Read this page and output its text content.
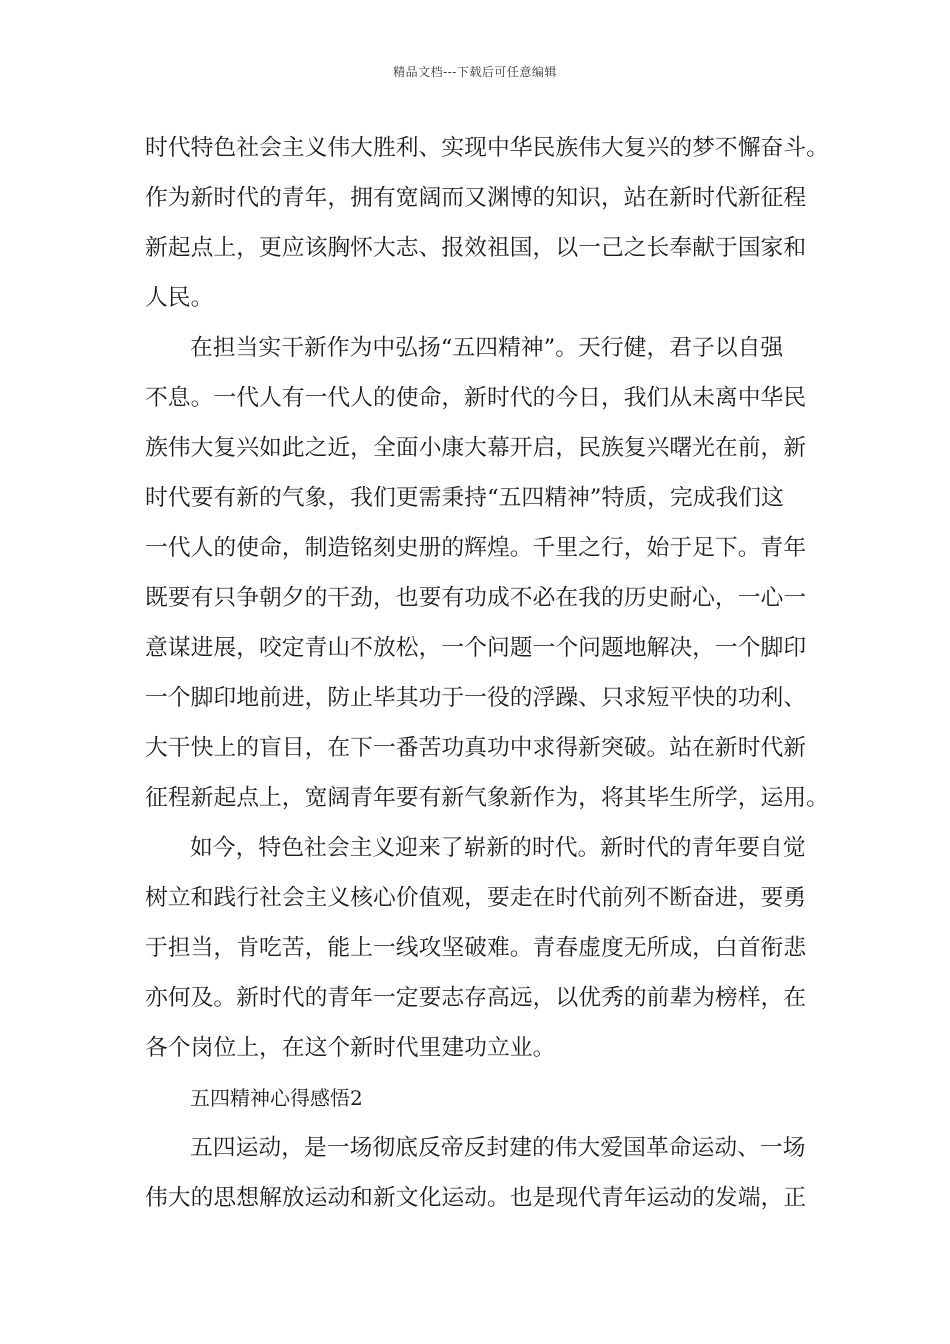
精品文档---下载后可任意编辑
时代特色社会主义伟大胜利、实现中华民族伟大复兴的梦不懈奋斗。
作为新时代的青年，拥有宽阔而又渊博的知识，站在新时代新征程
新起点上，更应该胸怀大志、报效祖国，以一己之长奉献于国家和
人民。
在担当实干新作为中弘扬“五四精神”。天行健，君子以自强
不息。一代人有一代人的使命，新时代的今日，我们从未离中华民
族伟大复兴如此之近，全面小康大幕开启，民族复兴曙光在前，新
时代要有新的气象，我们更需秉持“五四精神”特质，完成我们这
一代人的使命，制造铭刻史册的辉煌。千里之行，始于足下。青年
既要有只争朝夕的干劲，也要有功成不必在我的历史耐心，一心一
意谋进展，咬定青山不放松，一个问题一个问题地解决，一个脚印
一个脚印地前进，防止毕其功于一役的浮躁、只求短平快的功利、
大干快上的盲目，在下一番苦功真功中求得新突破。站在新时代新
征程新起点上，宽阔青年要有新气象新作为，将其毕生所学，运用。
如今，特色社会主义迎来了崭新的时代。新时代的青年要自觉
树立和践行社会主义核心价值观，要走在时代前列不断奋进，要勇
于担当，肯吃苦，能上一线攻坚破难。青春虚度无所成，白首衔悲
亦何及。新时代的青年一定要志存高远，以优秀的前辈为榜样，在
各个岗位上，在这个新时代里建功立业。
五四精神心得感悟2
五四运动，是一场彻底反帝反封建的伟大爱国革命运动、一场
伟大的思想解放运动和新文化运动。也是现代青年运动的发端，正
